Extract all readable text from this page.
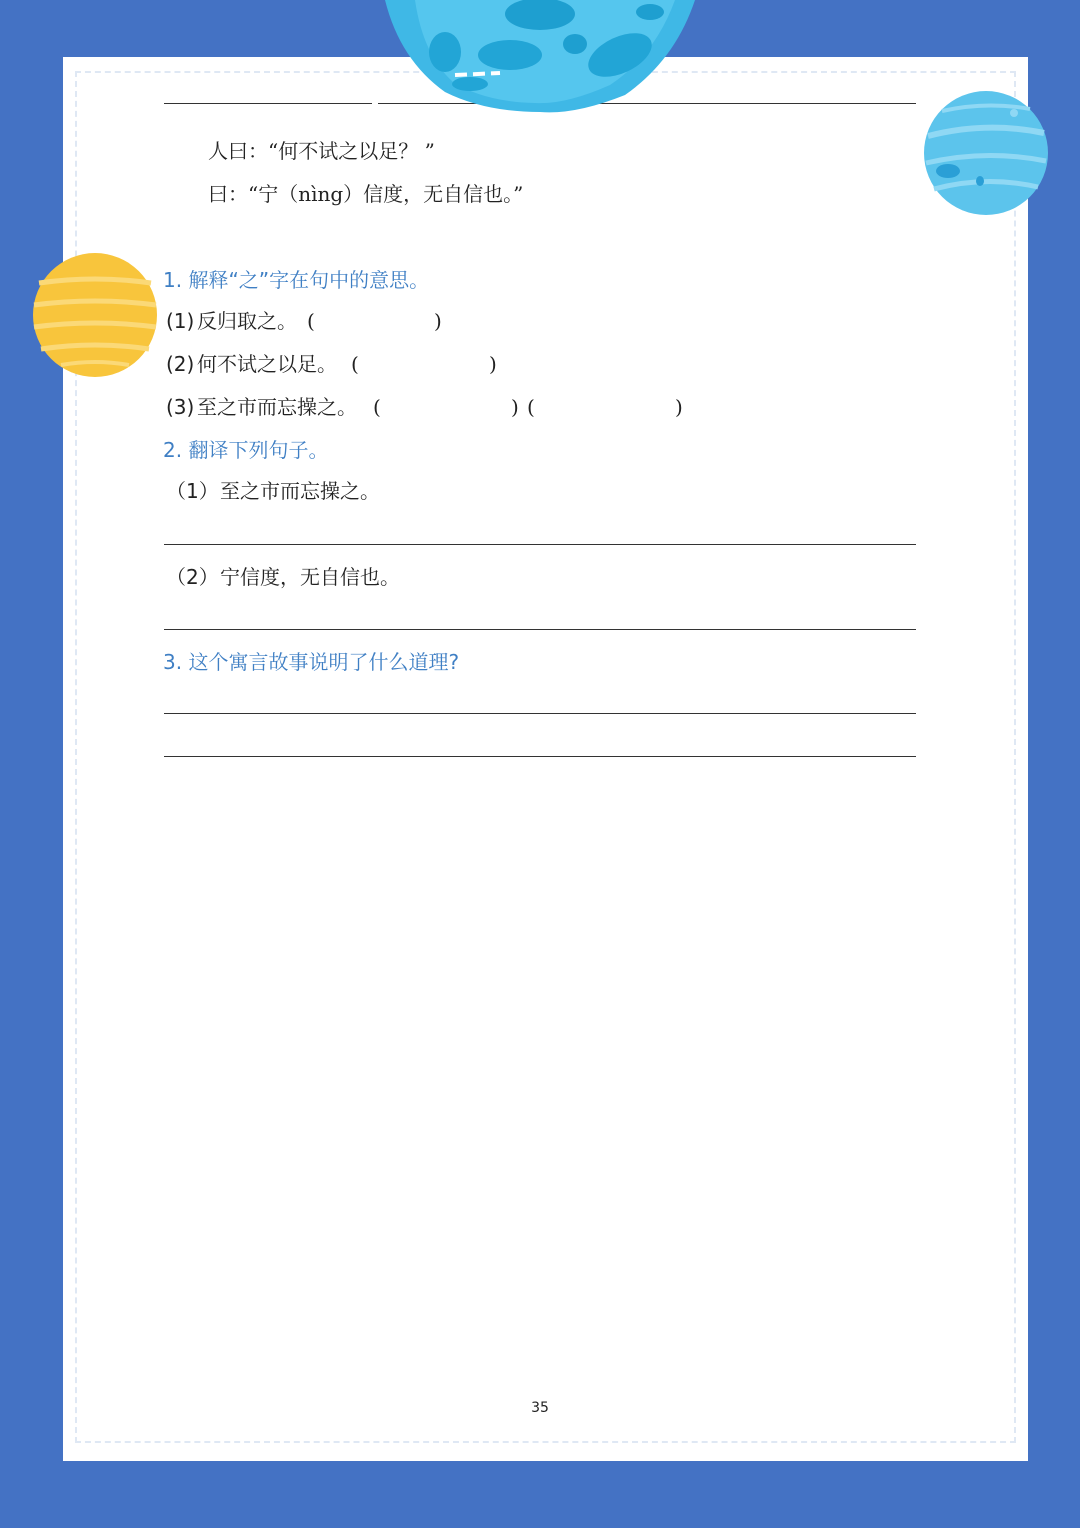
人曰：“何不试之以足？ ”
曰：“宁（nìng）信度，无自信也。”
1. 解释“之”字在句中的意思。
(1) 反归取之。 (	)
(2) 何不试之以足。 (	)
(3) 至之市而忘操之。 (	) (	)
2. 翻译下列句子。
（1） 至之市而忘操之。
（2） 宁信度，无自信也。
3. 这个寓言故事说明了什么道理?
35
